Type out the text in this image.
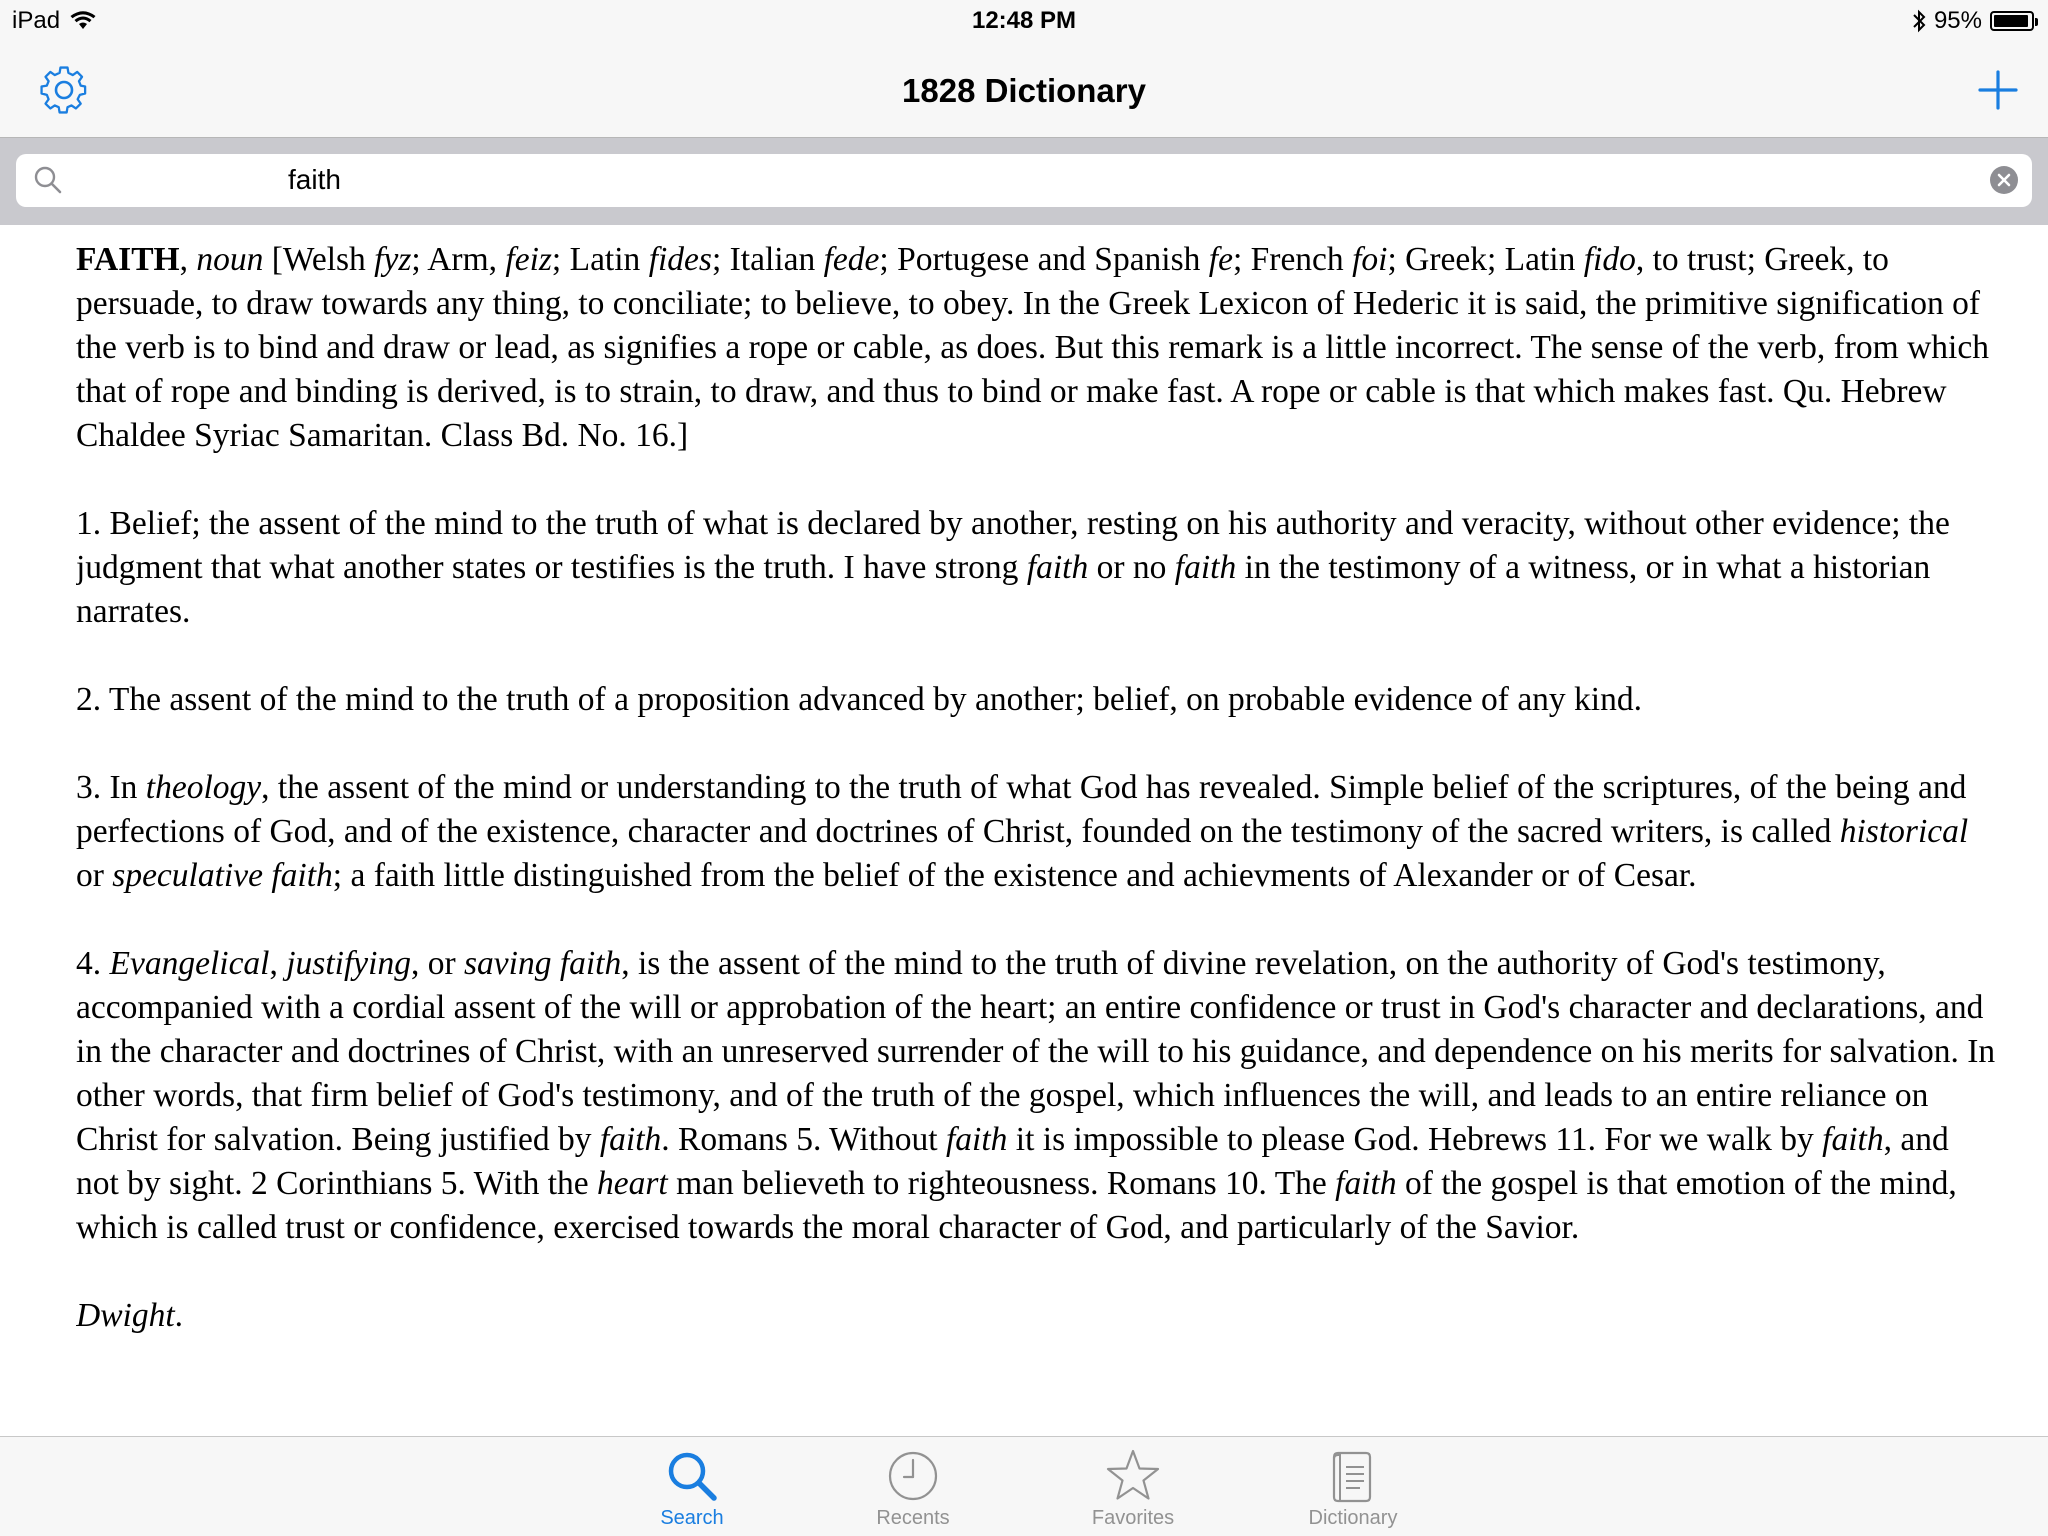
iPad	12:48 PM	95%
1828 Dictionary
faith

FAITH, noun [Welsh fyz; Arm, feiz; Latin fides; Italian fede; Portugese and Spanish fe; French foi; Greek; Latin fido, to trust; Greek, to persuade, to draw towards any thing, to conciliate; to believe, to obey. In the Greek Lexicon of Hederic it is said, the primitive signification of the verb is to bind and draw or lead, as signifies a rope or cable, as does. But this remark is a little incorrect. The sense of the verb, from which that of rope and binding is derived, is to strain, to draw, and thus to bind or make fast. A rope or cable is that which makes fast. Qu. Hebrew Chaldee Syriac Samaritan. Class Bd. No. 16.]

1. Belief; the assent of the mind to the truth of what is declared by another, resting on his authority and veracity, without other evidence; the judgment that what another states or testifies is the truth. I have strong faith or no faith in the testimony of a witness, or in what a historian narrates.

2. The assent of the mind to the truth of a proposition advanced by another; belief, on probable evidence of any kind.

3. In theology, the assent of the mind or understanding to the truth of what God has revealed. Simple belief of the scriptures, of the being and perfections of God, and of the existence, character and doctrines of Christ, founded on the testimony of the sacred writers, is called historical or speculative faith; a faith little distinguished from the belief of the existence and achievments of Alexander or of Cesar.

4. Evangelical, justifying, or saving faith, is the assent of the mind to the truth of divine revelation, on the authority of God's testimony, accompanied with a cordial assent of the will or approbation of the heart; an entire confidence or trust in God's character and declarations, and in the character and doctrines of Christ, with an unreserved surrender of the will to his guidance, and dependence on his merits for salvation. In other words, that firm belief of God's testimony, and of the truth of the gospel, which influences the will, and leads to an entire reliance on Christ for salvation. Being justified by faith. Romans 5. Without faith it is impossible to please God. Hebrews 11. For we walk by faith, and not by sight. 2 Corinthians 5. With the heart man believeth to righteousness. Romans 10. The faith of the gospel is that emotion of the mind, which is called trust or confidence, exercised towards the moral character of God, and particularly of the Savior.

Dwight.

Search	Recents	Favorites	Dictionary
